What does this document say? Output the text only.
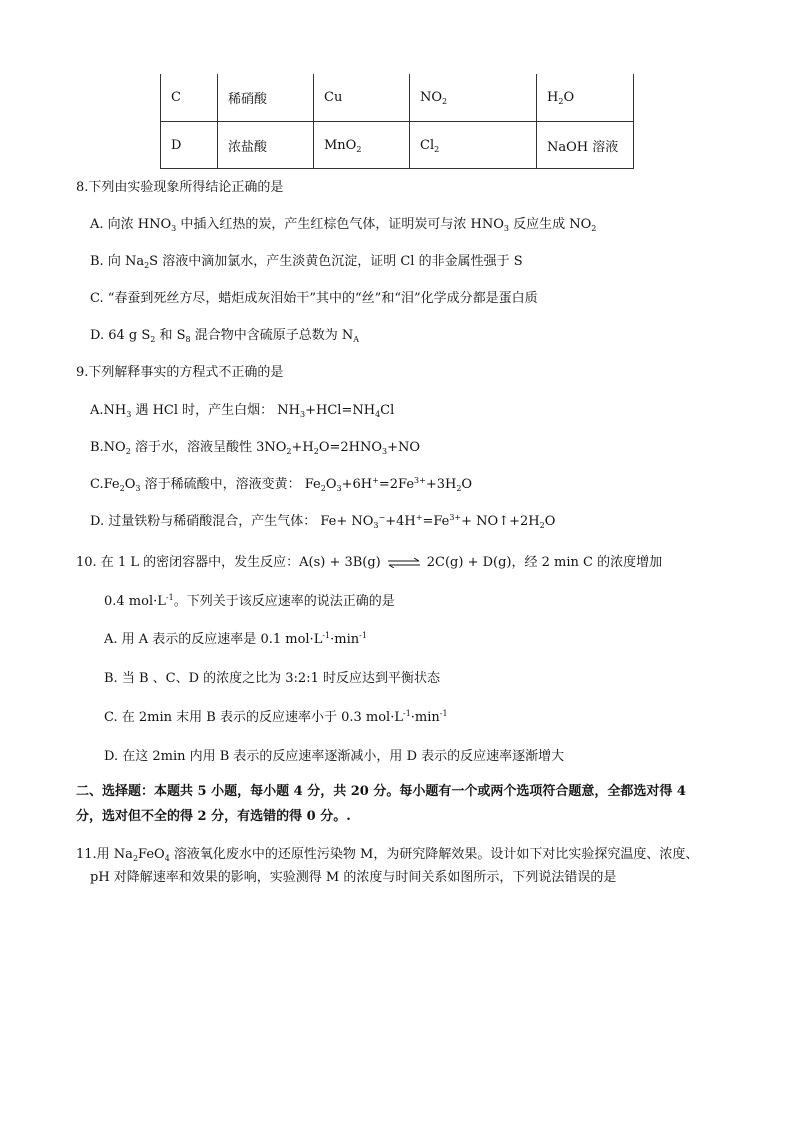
C	稀硝酸	Cu	$NO_2$	$H_2O$
D	浓盐酸	MnO$_2$	$Cl_2$	NaOH 溶液
8.下列由实验现象所得结论正确的是
A. 向浓 $HNO_3$ 中插入红热的炭，产生红棕色气体，证明炭可与浓 $HNO_3$ 反应生成 $NO_2$
B. 向 $Na_2S$ 溶液中滴加氯水，产生淡黄色沉淀，证明 Cl 的非金属性强于 S
C. “春蚕到死丝方尽，蜡炬成灰泪始干”其中的“丝”和“泪”化学成分都是蛋白质
D. 64 g $S_2$ 和 $S_8$ 混合物中含硫原子总数为 $N_A$
9.下列解释事实的方程式不正确的是
$A.NH_3$ 遇 HCl 时，产生白烟： $NH_3+HCl=NH_4Cl$
$B.NO_2$ 溶于水，溶液呈酸性 $3NO_2+H_2O=2HNO_3+NO$
$C.Fe_2O_3$ 溶于稀硫酸中，溶液变黄： $Fe_2O_3+6H^+=2Fe^{3+}+3H_2O$
D. 过量铁粉与稀硝酸混合，产生气体： $Fe+ NO_3^-+4H^+=Fe^{3+}+$ $NO↑+2H_2O$
10. 在 1 L 的密闭容器中，发生反应：A(s) + 3B(g) ⇌ 2C(g) + D(g)，经 2 min C 的浓度增加
0.4 $mol\cdot L^{-1}$。下列关于该反应速率的说法正确的是
A. 用 A 表示的反应速率是 0.1 $mol\cdot L^{-1}\cdot\min^{-1}$
B. 当 B 、C、D 的浓度之比为 3:2:1 时反应达到平衡状态
C. 在 2min 末用 B 表示的反应速率小于 0.3 $mol\cdot L^{-1}\cdot\min^{-1}$
D. 在这 2min 内用 B 表示的反应速率逐渐减小，用 D 表示的反应速率逐渐增大
二、选择题：本题共 5 小题，每小题 4 分，共 20 分。每小题有一个或两个选项符合题意，全都选对得 4
分，选对但不全的得 2 分，有选错的得 0 分。.
11.用 $Na_2FeO_4$ 溶液氧化废水中的还原性污染物 M，为研究降解效果。设计如下对比实验探究温度、浓度、
pH 对降解速率和效果的影响，实验测得 M 的浓度与时间关系如图所示，下列说法错误的是
